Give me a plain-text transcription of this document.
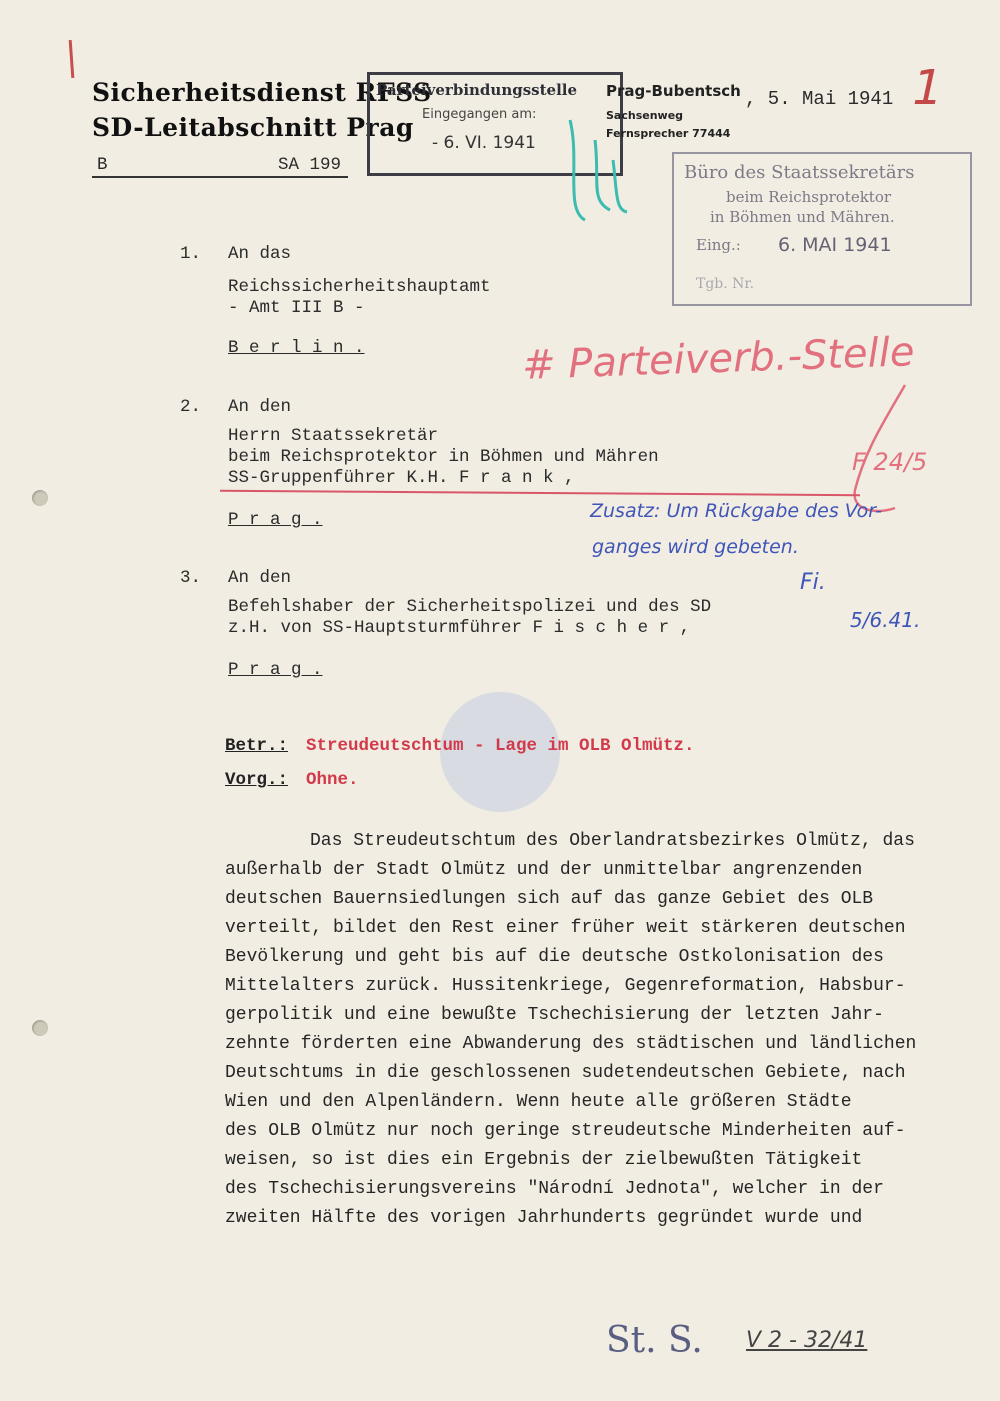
Sicherheitsdienst RFSS
SD-Leitabschnitt Prag
B	SA 199
Parteiverbindungsstelle
Eingegangen am:
- 6. VI. 1941
Prag-Bubentsch
Sachsenweg
Fernsprecher 77444
, 5. Mai 1941 1
Büro des Staatssekretärs
beim Reichsprotektor
in Böhmen und Mähren.
Eing.: 6. MAI 1941
Tgb. Nr.
1. An das
Reichssicherheitshauptamt
- Amt III B -
B e r l i n .	# Parteiverb.-Stelle
F 24/5
2. An den
Herrn Staatssekretär
beim Reichsprotektor in Böhmen und Mähren
SS-Gruppenführer K.H. F r a n k ,
P r a g .	Zusatz: Um Rückgabe des Vor-
ganges wird gebeten.
Fi.
5/6.41.
3. An den
Befehlshaber der Sicherheitspolizei und des SD
z.H. von SS-Hauptsturmführer F i s c h e r ,
P r a g .
Betr.: Streudeutschtum - Lage im OLB Olmütz.
Vorg.: Ohne.
Das Streudeutschtum des Oberlandratsbezirkes Olmütz, das
außerhalb der Stadt Olmütz und der unmittelbar angrenzenden
deutschen Bauernsiedlungen sich auf das ganze Gebiet des OLB
verteilt, bildet den Rest einer früher weit stärkeren deutschen
Bevölkerung und geht bis auf die deutsche Ostkolonisation des
Mittelalters zurück. Hussitenkriege, Gegenreformation, Habsbur-
gerpolitik und eine bewußte Tschechisierung der letzten Jahr-
zehnte förderten eine Abwanderung des städtischen und ländlichen
Deutschtums in die geschlossenen sudetendeutschen Gebiete, nach
Wien und den Alpenländern. Wenn heute alle größeren Städte
des OLB Olmütz nur noch geringe streudeutsche Minderheiten auf-
weisen, so ist dies ein Ergebnis der zielbewußten Tätigkeit
des Tschechisierungsvereins "Národní Jednota", welcher in der
zweiten Hälfte des vorigen Jahrhunderts gegründet wurde und
St. S. V 2 - 32/41
